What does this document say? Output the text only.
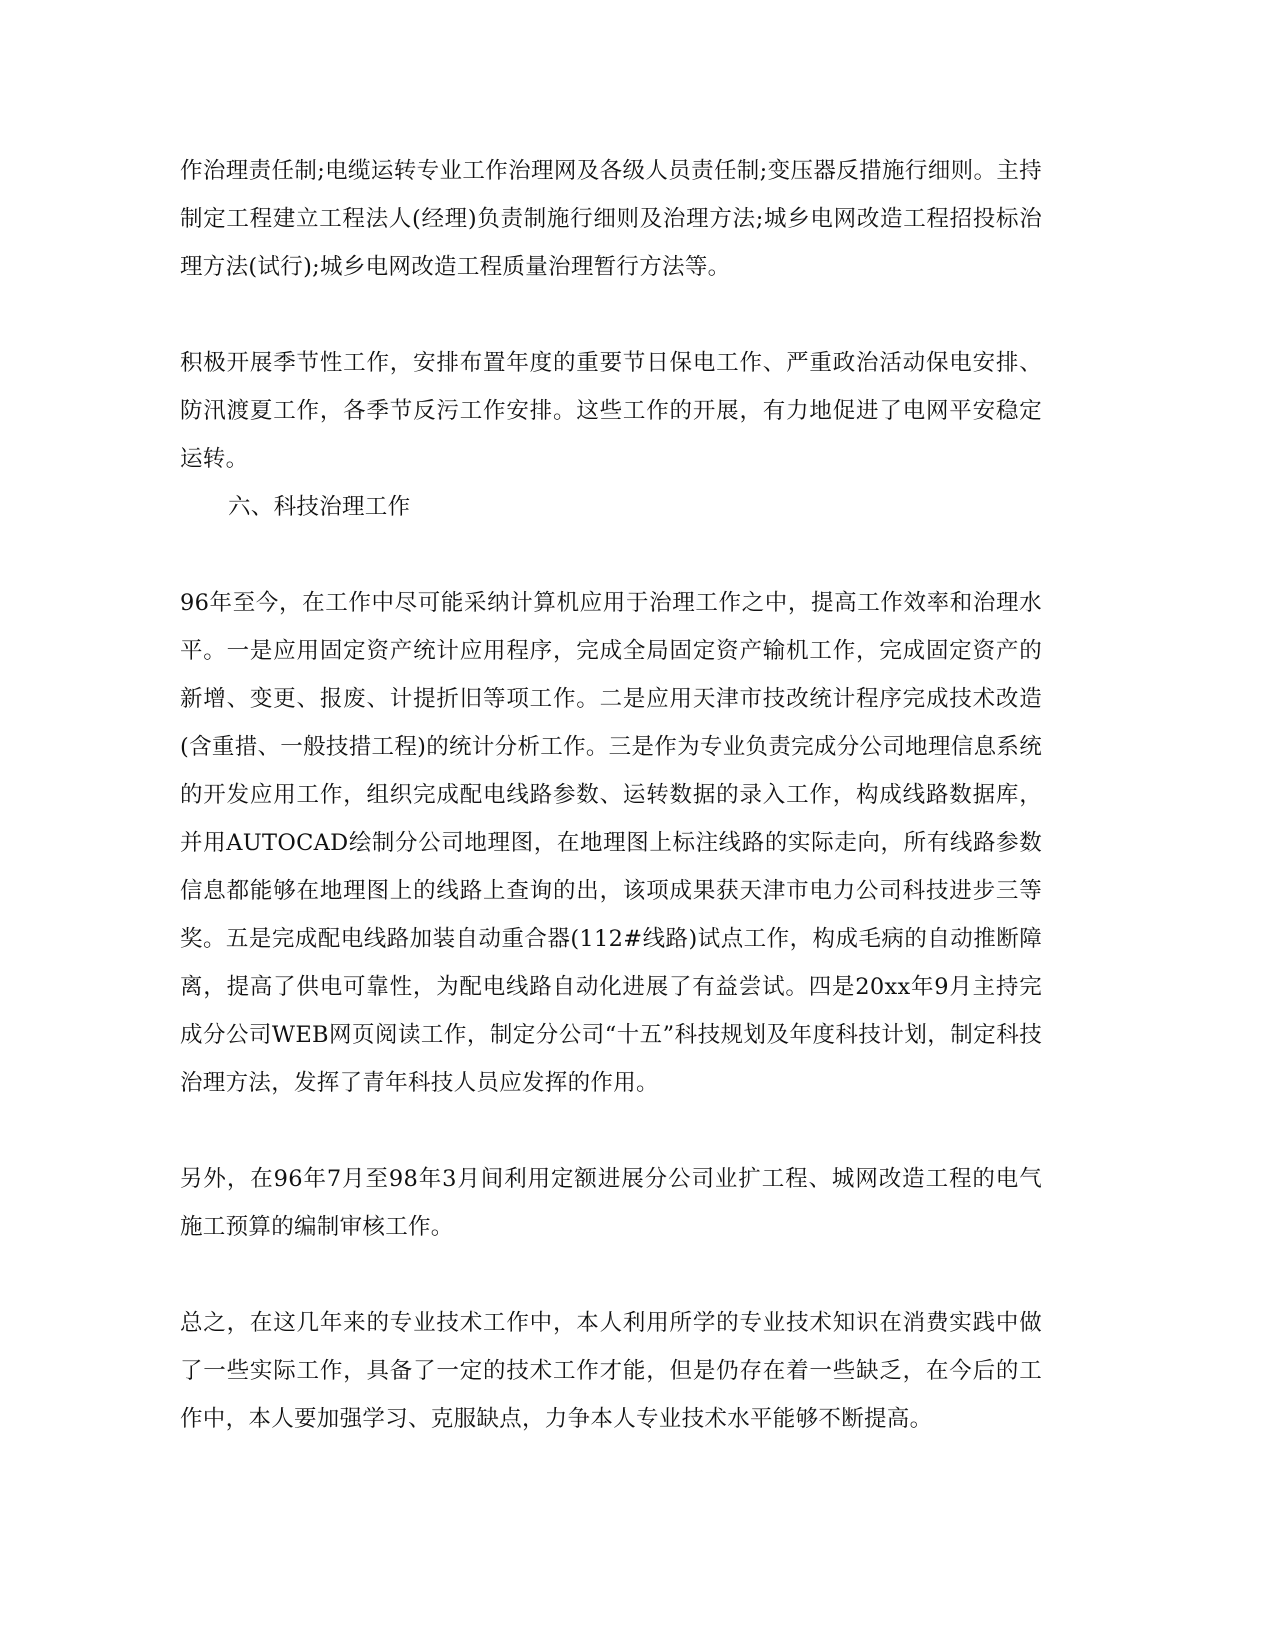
作治理责任制;电缆运转专业工作治理网及各级人员责任制;变压器反措施行细则。主持制定工程建立工程法人(经理)负责制施行细则及治理方法;城乡电网改造工程招投标治理方法(试行);城乡电网改造工程质量治理暂行方法等。

积极开展季节性工作，安排布置年度的重要节日保电工作、严重政治活动保电安排、防汛渡夏工作，各季节反污工作安排。这些工作的开展，有力地促进了电网平安稳定运转。

六、科技治理工作

96年至今，在工作中尽可能采纳计算机应用于治理工作之中，提高工作效率和治理水平。一是应用固定资产统计应用程序，完成全局固定资产输机工作，完成固定资产的新增、变更、报废、计提折旧等项工作。二是应用天津市技改统计程序完成技术改造(含重措、一般技措工程)的统计分析工作。三是作为专业负责完成分公司地理信息系统的开发应用工作，组织完成配电线路参数、运转数据的录入工作，构成线路数据库，并用AUTOCAD绘制分公司地理图，在地理图上标注线路的实际走向，所有线路参数信息都能够在地理图上的线路上查询的出，该项成果获天津市电力公司科技进步三等奖。五是完成配电线路加装自动重合器(112#线路)试点工作，构成毛病的自动推断障离，提高了供电可靠性，为配电线路自动化进展了有益尝试。四是20xx年9月主持完成分公司WEB网页阅读工作，制定分公司“十五”科技规划及年度科技计划，制定科技治理方法，发挥了青年科技人员应发挥的作用。

另外，在96年7月至98年3月间利用定额进展分公司业扩工程、城网改造工程的电气施工预算的编制审核工作。

总之，在这几年来的专业技术工作中，本人利用所学的专业技术知识在消费实践中做了一些实际工作，具备了一定的技术工作才能，但是仍存在着一些缺乏，在今后的工作中，本人要加强学习、克服缺点，力争本人专业技术水平能够不断提高。
